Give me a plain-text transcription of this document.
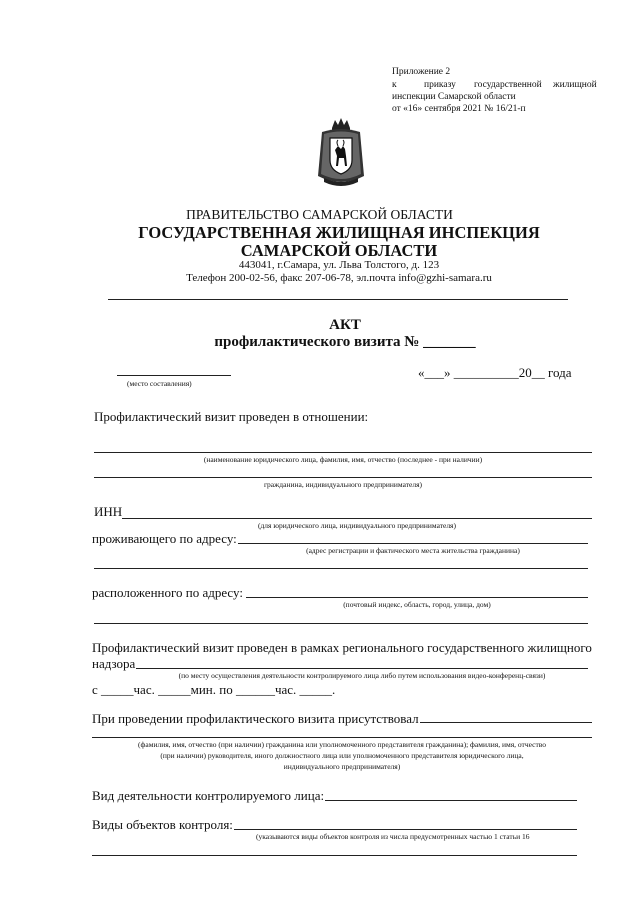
Приложение 2
к	приказу государственной жилищной
инспекции Самарской области
от «16» сентября 2021 № 16/21-п
ПРАВИТЕЛЬСТВО САМАРСКОЙ ОБЛАСТИ
ГОСУДАРСТВЕННАЯ ЖИЛИЩНАЯ ИНСПЕКЦИЯ
САМАРСКОЙ ОБЛАСТИ
443041, г.Самара, ул. Льва Толстого, д. 123
Телефон 200-02-56, факс 207-06-78, эл.почта info@gzhi-samara.ru
АКТ
профилактического визита № _______
(место составления)
«___» __________20__ года
Профилактический визит проведен в отношении:
(наименование юридического лица, фамилия, имя, отчество (последнее - при наличии)
гражданина, индивидуального предпринимателя)
ИНН
(для юридического лица, индивидуального предпринимателя)
проживающего по адресу:
(адрес регистрации и фактического места жительства гражданина)
расположенного по адресу:
(почтовый индекс, область, город, улица, дом)
Профилактический визит проведен в рамках регионального государственного жилищного
надзора
(по месту осуществления деятельности контролируемого лица либо путем использования видео-конференц-связи)
с _____час. _____мин. по ______час. _____.
При проведении профилактического визита присутствовал
(фамилия, имя, отчество (при наличии) гражданина или уполномоченного представителя гражданина); фамилия, имя, отчество
(при наличии) руководителя, иного должностного лица или уполномоченного представителя юридического лица,
индивидуального предпринимателя)
Вид деятельности контролируемого лица:
Виды объектов контроля:
(указываются виды объектов контроля из числа предусмотренных частью 1 статьи 16
